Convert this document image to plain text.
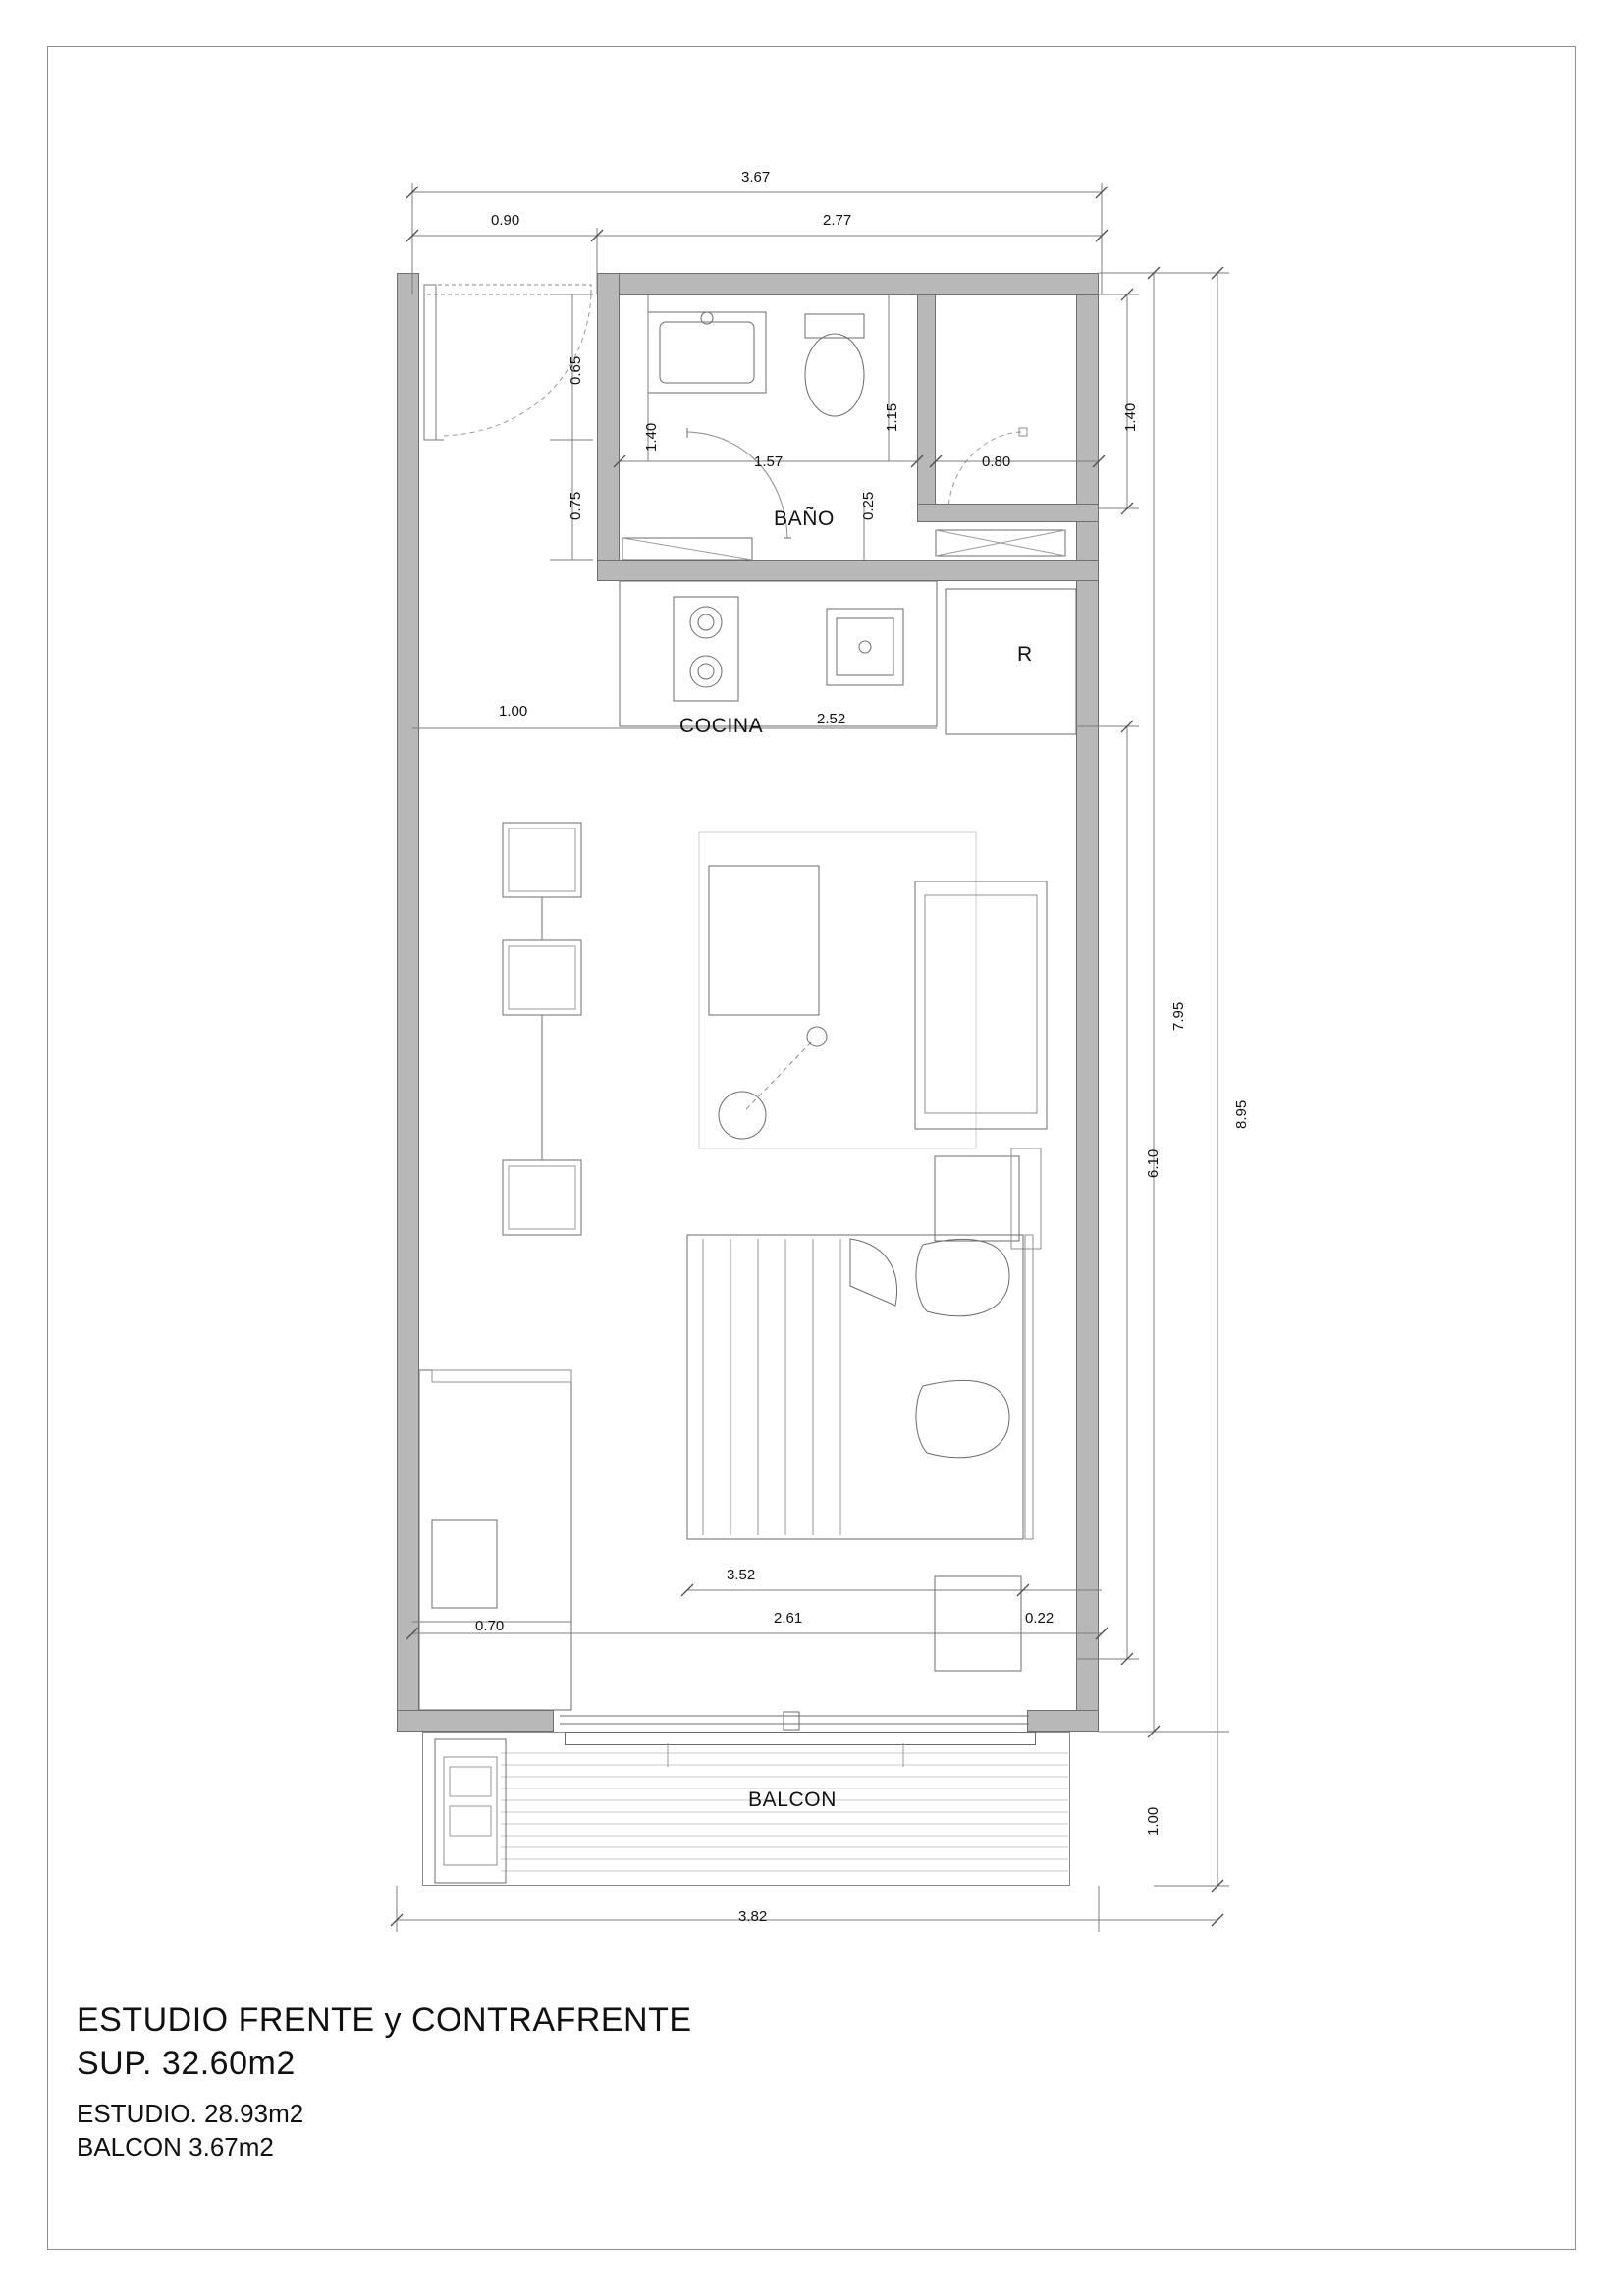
3.67
0.90	2.77
0.65
1.40
0.75
1.15
1.57	0.80
0.25
1.40
1.00	2.52
7.95
8.95
6.10
1.00
3.52
2.61
0.70	0.22
3.82
BAÑO
COCINA
BALCON
R
ESTUDIO FRENTE y CONTRAFRENTE
SUP. 32.60m2
ESTUDIO. 28.93m2
BALCON 3.67m2
